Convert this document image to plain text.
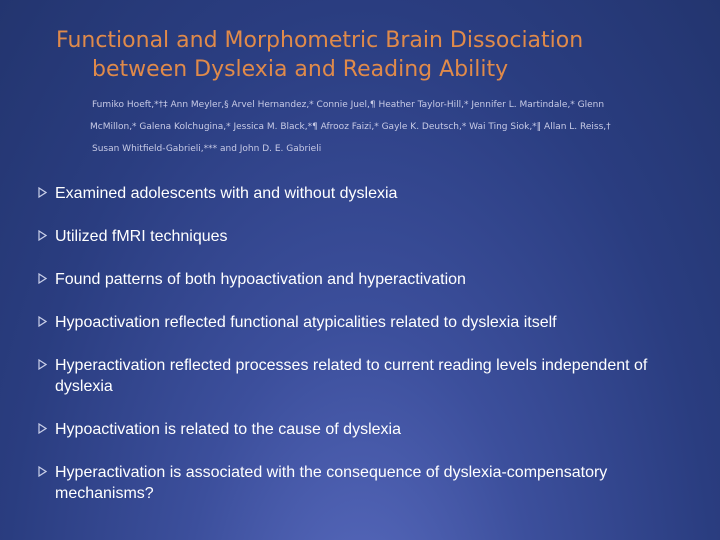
Functional and Morphometric Brain Dissociation
between Dyslexia and Reading Ability
Fumiko Hoeft,*†‡ Ann Meyler,§ Arvel Hernandez,* Connie Juel,¶ Heather Taylor-Hill,* Jennifer L. Martindale,* Glenn
McMillon,* Galena Kolchugina,* Jessica M. Black,*¶ Afrooz Faizi,* Gayle K. Deutsch,* Wai Ting Siok,*‖ Allan L. Reiss,†
Susan Whitfield-Gabrieli,*** and John D. E. Gabrieli
Examined adolescents with and without dyslexia
Utilized fMRI techniques
Found patterns of both hypoactivation and hyperactivation
Hypoactivation reflected functional atypicalities related to dyslexia itself
Hyperactivation reflected processes related to current reading levels independent of dyslexia
Hypoactivation is related to the cause of dyslexia
Hyperactivation is associated with the consequence of dyslexia-compensatory mechanisms?
